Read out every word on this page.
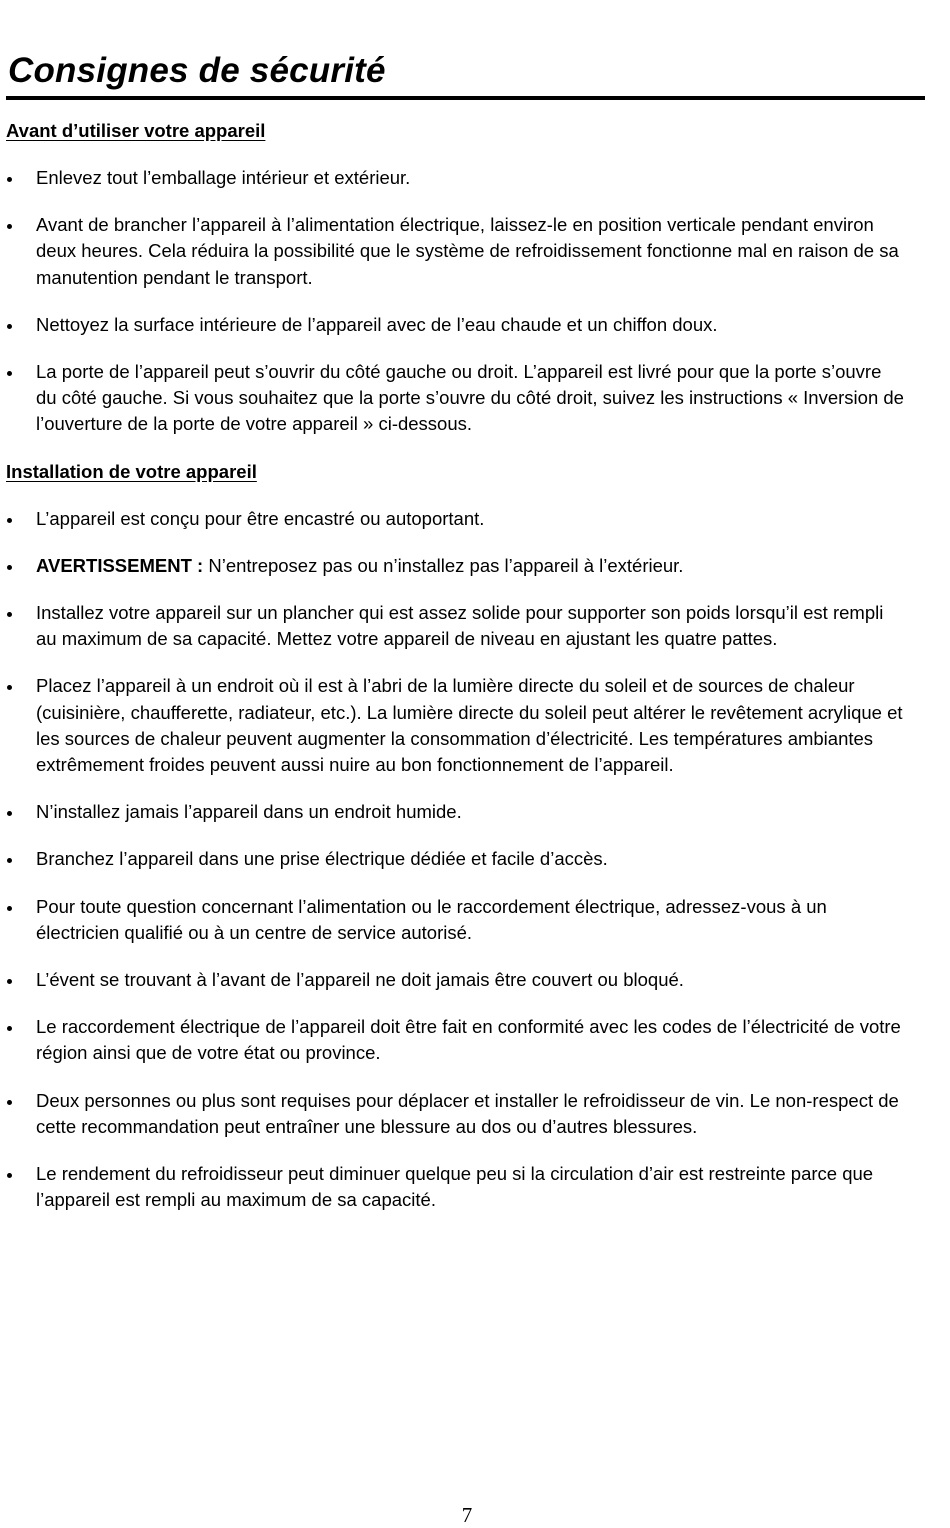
Consignes de sécurité
Avant d’utiliser votre appareil
Enlevez tout l’emballage intérieur et extérieur.
Avant de brancher l’appareil à l’alimentation électrique, laissez-le en position verticale pendant environ deux heures. Cela réduira la possibilité que le système de refroidissement fonctionne mal en raison de sa manutention pendant le transport.
Nettoyez la surface intérieure de l’appareil avec de l’eau chaude et un chiffon doux.
La porte de l’appareil peut s’ouvrir du côté gauche ou droit. L’appareil est livré pour que la porte s’ouvre du côté gauche. Si vous souhaitez que la porte s’ouvre du côté droit, suivez les instructions « Inversion de l’ouverture de la porte de votre appareil » ci-dessous.
Installation de votre appareil
L’appareil est conçu pour être encastré ou autoportant.
AVERTISSEMENT : N’entreposez pas ou n’installez pas l’appareil à l’extérieur.
Installez votre appareil sur un plancher qui est assez solide pour supporter son poids lorsqu’il est rempli au maximum de sa capacité. Mettez votre appareil de niveau en ajustant les quatre pattes.
Placez l’appareil à un endroit où il est à l’abri de la lumière directe du soleil et de sources de chaleur (cuisinière, chaufferette, radiateur, etc.). La lumière directe du soleil peut altérer le revêtement acrylique et les sources de chaleur peuvent augmenter la consommation d’électricité. Les températures ambiantes extrêmement froides peuvent aussi nuire au bon fonctionnement de l’appareil.
N’installez jamais l’appareil dans un endroit humide.
Branchez l’appareil dans une prise électrique dédiée et facile d’accès.
Pour toute question concernant l’alimentation ou le raccordement électrique, adressez-vous à un électricien qualifié ou à un centre de service autorisé.
L’évent se trouvant à l’avant de l’appareil ne doit jamais être couvert ou bloqué.
Le raccordement électrique de l’appareil doit être fait en conformité avec les codes de l’électricité de votre région ainsi que de votre état ou province.
Deux personnes ou plus sont requises pour déplacer et installer le refroidisseur de vin. Le non-respect de cette recommandation peut entraîner une blessure au dos ou d’autres blessures.
Le rendement du refroidisseur peut diminuer quelque peu si la circulation d’air est restreinte parce que l’appareil est rempli au maximum de sa capacité.
7
